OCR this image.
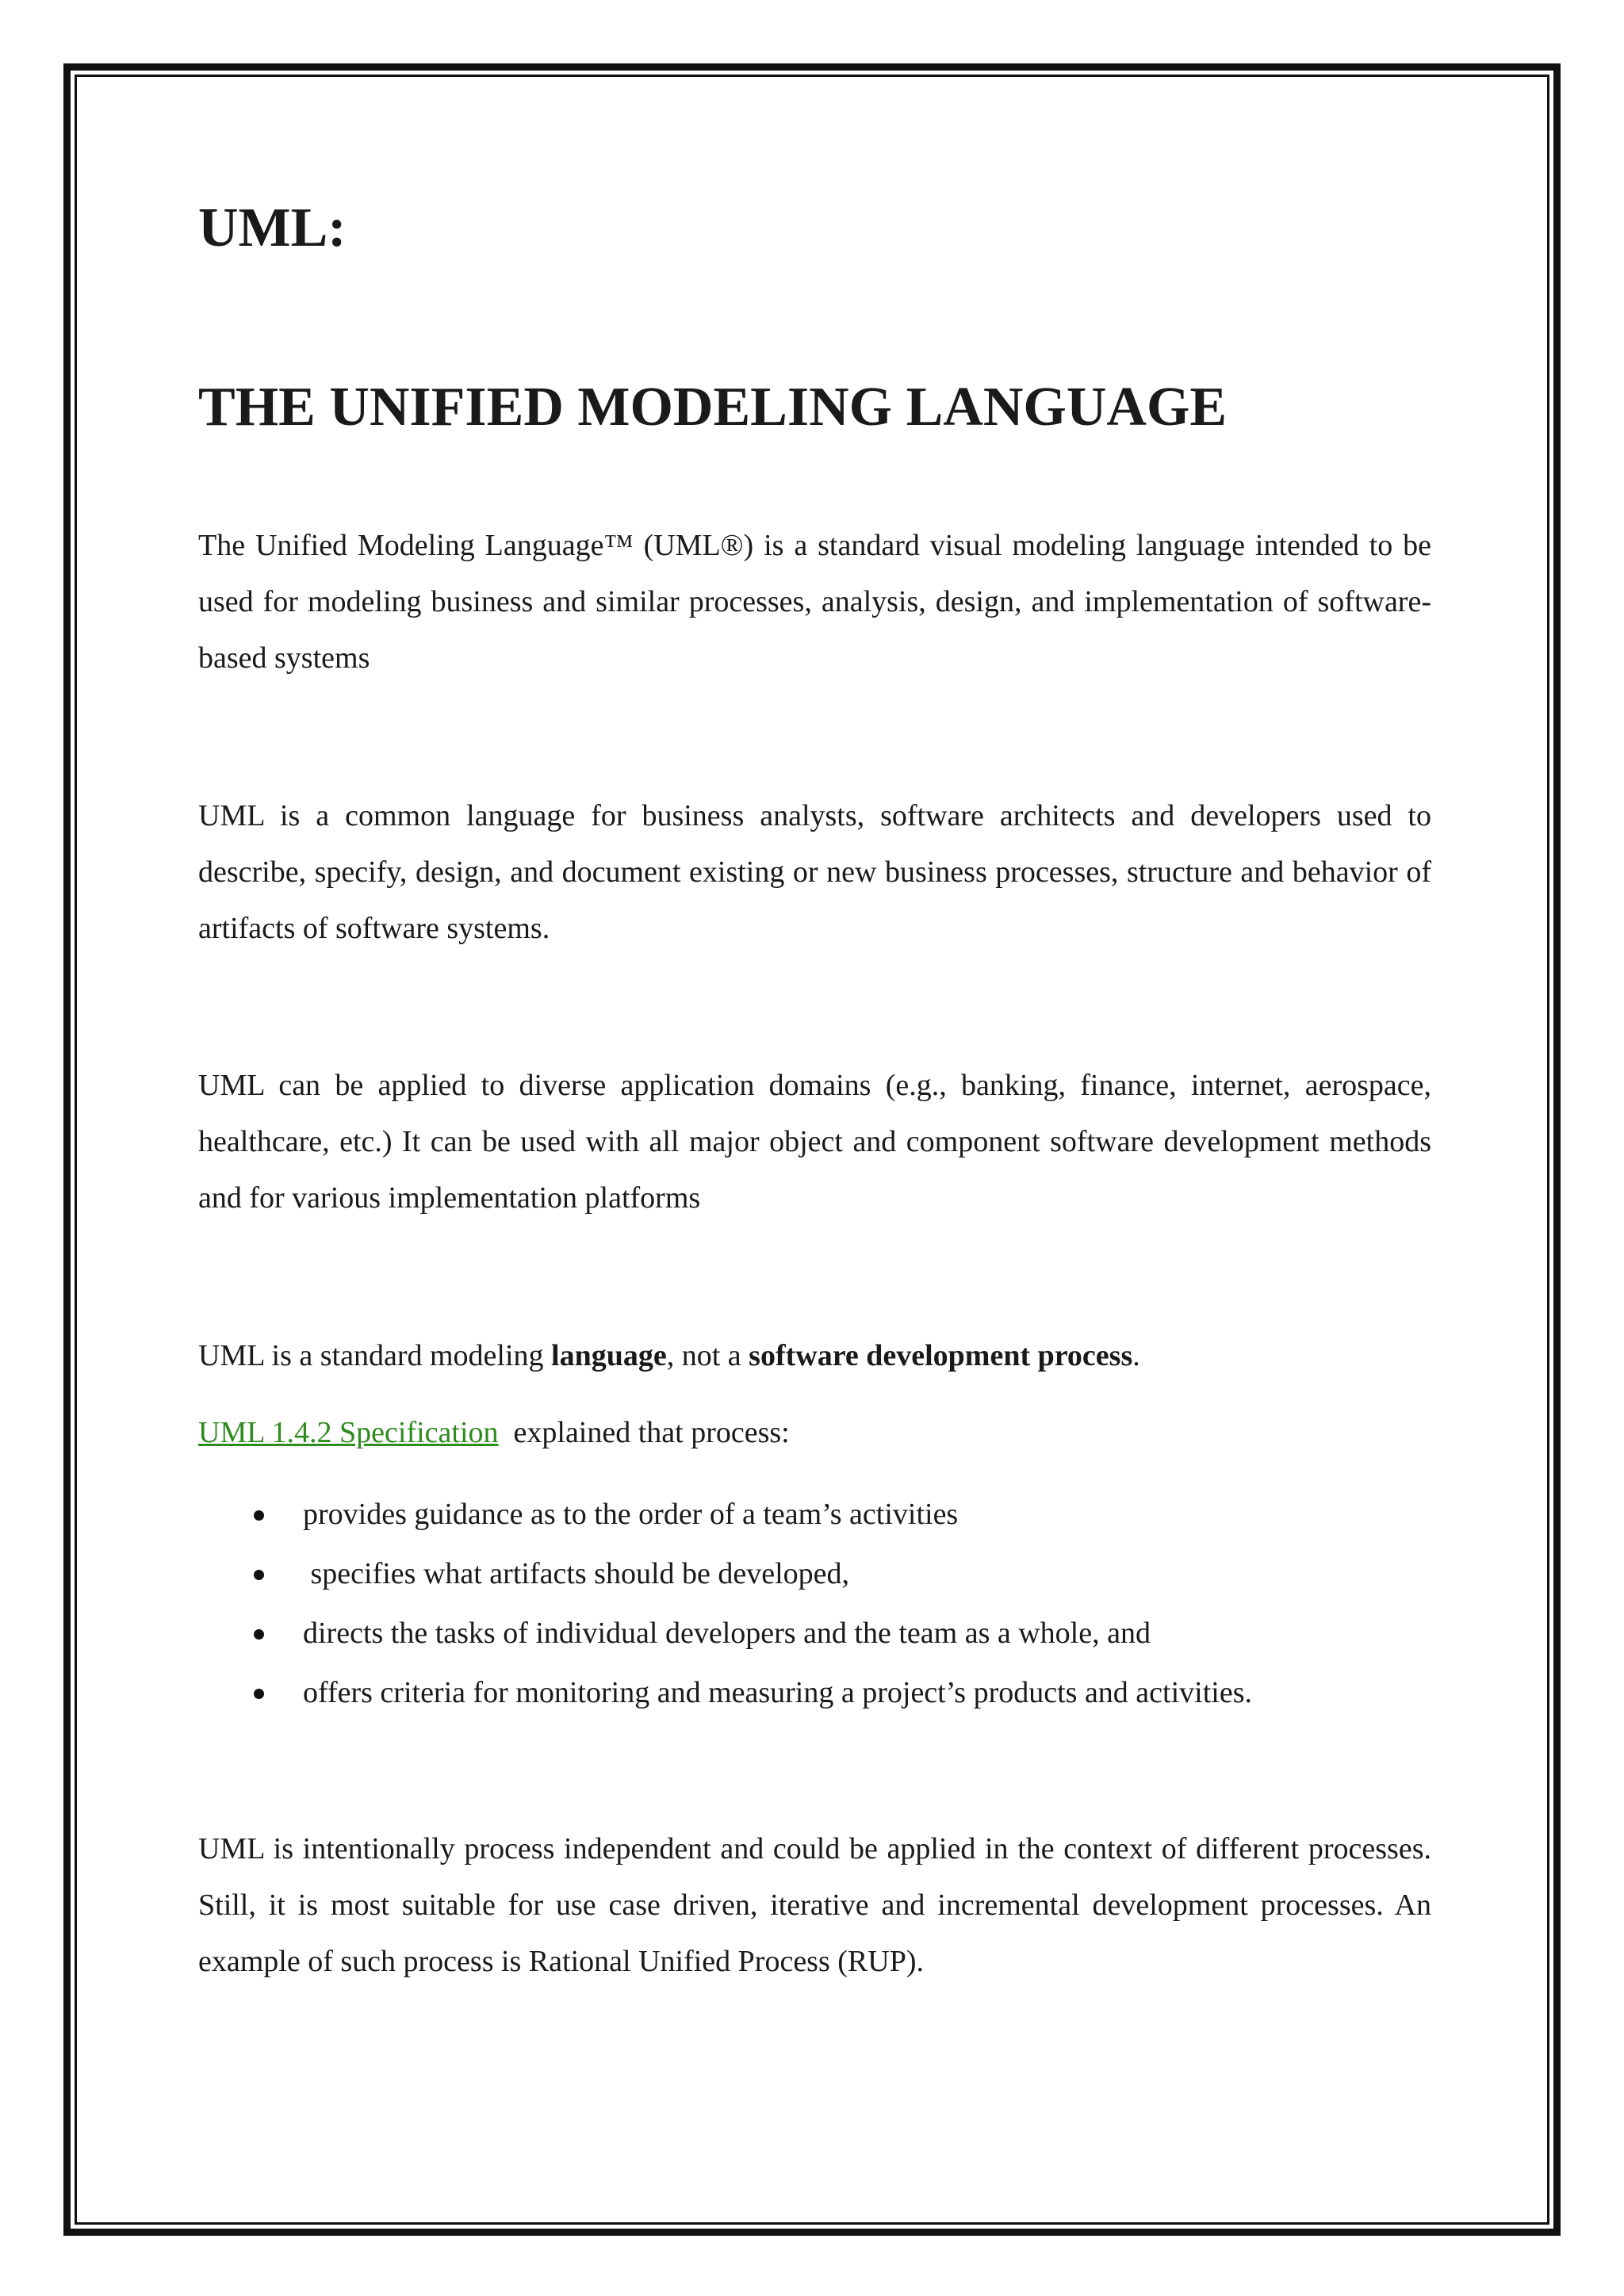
UML:
THE UNIFIED MODELING LANGUAGE

The Unified Modeling Language™ (UML®) is a standard visual modeling language intended to be used for modeling business and similar processes, analysis, design, and implementation of software-based systems

UML is a common language for business analysts, software architects and developers used to describe, specify, design, and document existing or new business processes, structure and behavior of artifacts of software systems.

UML can be applied to diverse application domains (e.g., banking, finance, internet, aerospace, healthcare, etc.) It can be used with all major object and component software development methods and for various implementation platforms

UML is a standard modeling language, not a software development process.

UML 1.4.2 Specification  explained that process:

provides guidance as to the order of a team’s activities
specifies what artifacts should be developed,
directs the tasks of individual developers and the team as a whole, and
offers criteria for monitoring and measuring a project’s products and activities.

UML is intentionally process independent and could be applied in the context of different processes. Still, it is most suitable for use case driven, iterative and incremental development processes. An example of such process is Rational Unified Process (RUP).
